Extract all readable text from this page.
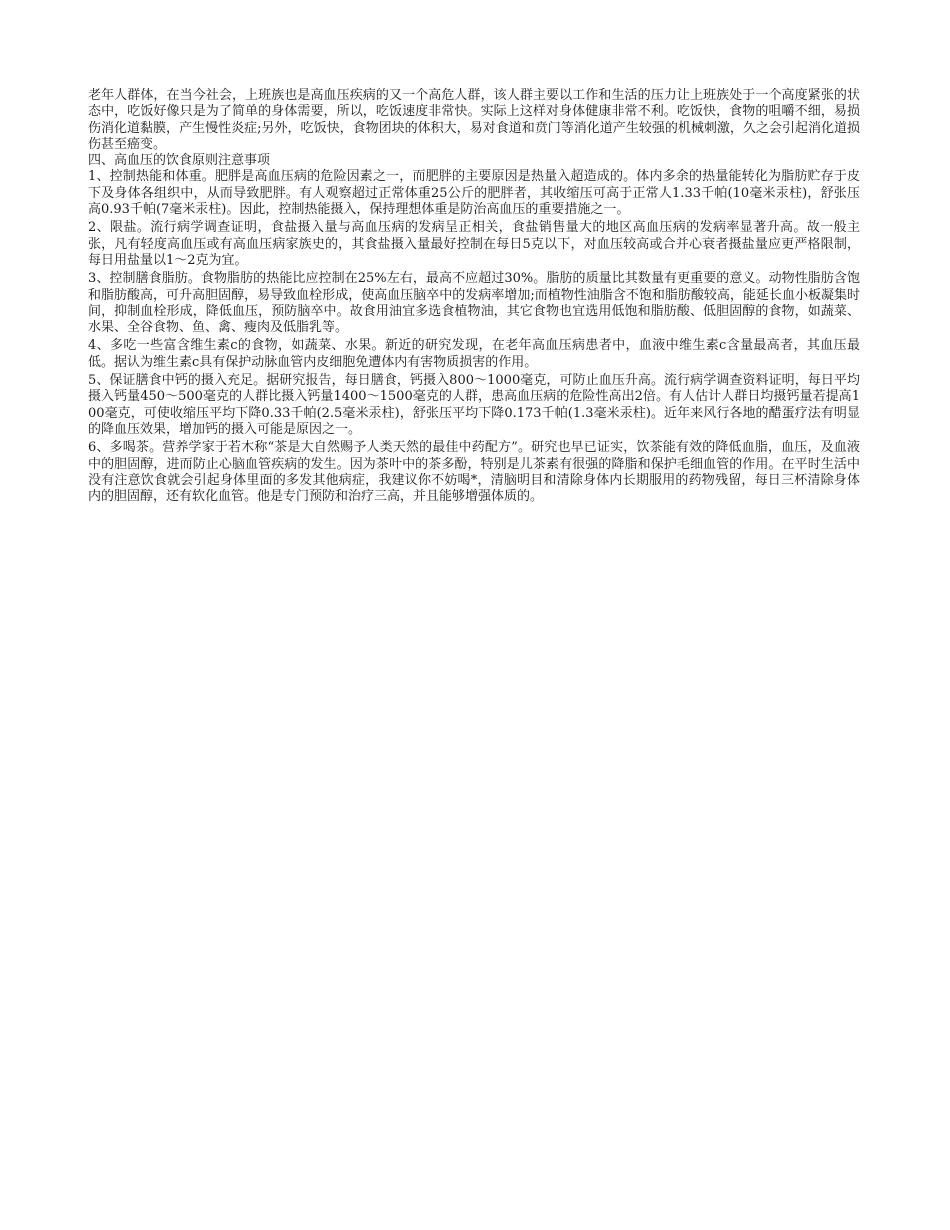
老年人群体，在当今社会，上班族也是高血压疾病的又一个高危人群，该人群主要以工作和生活的压力让上班族处于一个高度紧张的状态中，吃饭好像只是为了简单的身体需要，所以，吃饭速度非常快。实际上这样对身体健康非常不利。吃饭快，食物的咀嚼不细，易损伤消化道黏膜，产生慢性炎症;另外，吃饭快，食物团块的体积大，易对食道和贲门等消化道产生较强的机械刺激，久之会引起消化道损伤甚至癌变。

四、高血压的饮食原则注意事项

1、控制热能和体重。肥胖是高血压病的危险因素之一，而肥胖的主要原因是热量入超造成的。体内多余的热量能转化为脂肪贮存于皮下及身体各组织中，从而导致肥胖。有人观察超过正常体重25公斤的肥胖者，其收缩压可高于正常人1.33千帕(10毫米汞柱)，舒张压高0.93千帕(7毫米汞柱)。因此，控制热能摄入，保持理想体重是防治高血压的重要措施之一。

2、限盐。流行病学调查证明，食盐摄入量与高血压病的发病呈正相关，食盐销售量大的地区高血压病的发病率显著升高。故一般主张，凡有轻度高血压或有高血压病家族史的，其食盐摄入量最好控制在每日5克以下，对血压较高或合并心衰者摄盐量应更严格限制，每日用盐量以1～2克为宜。

3、控制膳食脂肪。食物脂肪的热能比应控制在25%左右，最高不应超过30%。脂肪的质量比其数量有更重要的意义。动物性脂肪含饱和脂肪酸高，可升高胆固醇，易导致血栓形成，使高血压脑卒中的发病率增加;而植物性油脂含不饱和脂肪酸较高，能延长血小板凝集时间，抑制血栓形成，降低血压，预防脑卒中。故食用油宜多选食植物油，其它食物也宜选用低饱和脂肪酸、低胆固醇的食物，如蔬菜、水果、全谷食物、鱼、禽、瘦肉及低脂乳等。

4、多吃一些富含维生素c的食物，如蔬菜、水果。新近的研究发现，在老年高血压病患者中，血液中维生素c含量最高者，其血压最低。据认为维生素c具有保护动脉血管内皮细胞免遭体内有害物质损害的作用。

5、保证膳食中钙的摄入充足。据研究报告，每日膳食，钙摄入800～1000毫克，可防止血压升高。流行病学调查资料证明，每日平均摄入钙量450～500毫克的人群比摄入钙量1400～1500毫克的人群，患高血压病的危险性高出2倍。有人估计人群日均摄钙量若提高100毫克，可使收缩压平均下降0.33千帕(2.5毫米汞柱)，舒张压平均下降0.173千帕(1.3毫米汞柱)。近年来风行各地的醋蛋疗法有明显的降血压效果，增加钙的摄入可能是原因之一。

6、多喝茶。营养学家于若木称“茶是大自然赐予人类天然的最佳中药配方”。研究也早已证实，饮茶能有效的降低血脂，血压，及血液中的胆固醇，进而防止心脑血管疾病的发生。因为茶叶中的茶多酚，特别是儿茶素有很强的降脂和保护毛细血管的作用。在平时生活中没有注意饮食就会引起身体里面的多发其他病症，我建议你不妨喝*，清脑明目和清除身体内长期服用的药物残留，每日三杯清除身体内的胆固醇，还有软化血管。他是专门预防和治疗三高，并且能够增强体质的。
